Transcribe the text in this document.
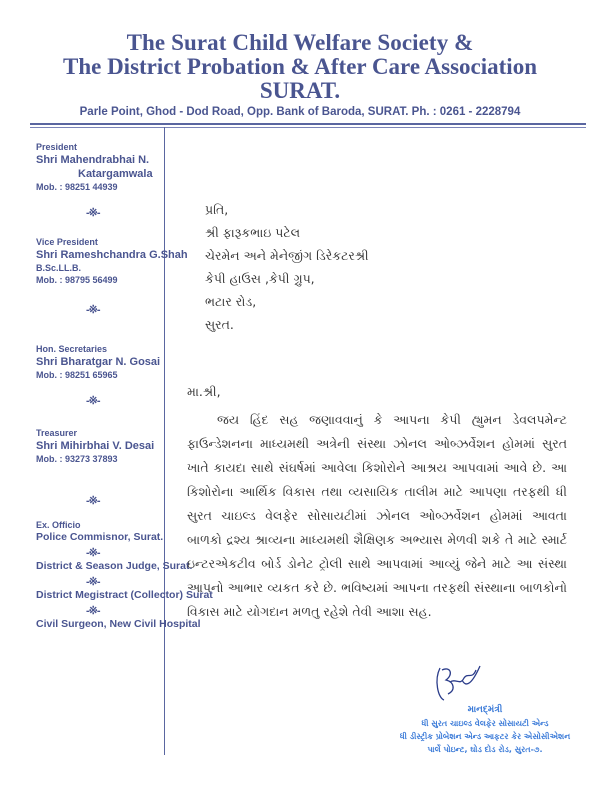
The Surat Child Welfare Society &
The District Probation & After Care Association
SURAT.
Parle Point, Ghod - Dod Road, Opp. Bank of Baroda, SURAT. Ph. : 0261 - 2228794
President
Shri Mahendrabhai N.
Katargamwala
Mob. : 98251 44939
-※-
Vice President
Shri Rameshchandra G.Shah
B.Sc.LL.B.
Mob. : 98795 56499
-※-
Hon. Secretaries
Shri Bharatgar N. Gosai
Mob. : 98251 65965
-※-
Treasurer
Shri Mihirbhai V. Desai
Mob. : 93273 37893
-※-
Ex. Officio
Police Commisnor, Surat.
-※-
District & Season Judge, Surat.
-※-
District Megistract (Collector) Surat
-※-
Civil Surgeon, New Civil Hospital
પ્રતિ,
શ્રી ફારૂકભાઇ પટેલ
ચેરમેન અને મેનેજીંગ ડિરેકટરશ્રી
કેપી હાઉસ ,કેપી ગ્રુપ,
ભટાર રોડ,
સુરત.
મા.શ્રી,
જય હિંદ સહ જણાવવાનું કે આપના કેપી હ્યુમન ડેવલપમેન્ટ ફાઉન્ડેશનના માધ્યમથી અત્રેની સંસ્થા ઝોનલ ઓબ્ઝર્વેશન હોમમાં સુરત ખાતે કાયદા સાથે સંઘર્ષમાં આવેલા કિશોરોને આશ્રય આપવામાં આવે છે. આ કિશોરોના આર્થિક વિકાસ તથા વ્યસાયિક તાલીમ માટે આપણા તરફથી ધી સુરત ચાઇલ્ડ વેલફેર સોસાયટીમાં ઝોનલ ઓબ્ઝર્વેશન હોમમાં આવતા બાળકો દ્રશ્ય શ્રાવ્યના માધ્યમથી શૈક્ષિણક અભ્યાસ મેળવી શકે તે માટે સ્માર્ટ ઇન્ટરએકટીવ બોર્ડ ડોનેટ ટ્રોલી સાથે આપવામાં આવ્યું જેને માટે આ સંસ્થા આપનો આભાર વ્યકત કરે છે. ભવિષ્યમાં આપના તરફથી સંસ્થાના બાળકોનો વિકાસ માટે યોગદાન મળતુ રહેશે તેવી આશા સહ.
માનદ્‌મંત્રી
ધી સુરત ચાઇલ્ડ વેલફેર સોસાયટી એન્ડ
ધી ડીસ્ટ્રીક પ્રોબેશન એન્ડ આફટર કેર એસોસીએશન
પાર્લે પોઇન્ટ, ઘોડ દોડ રોડ, સુરત-૭.
